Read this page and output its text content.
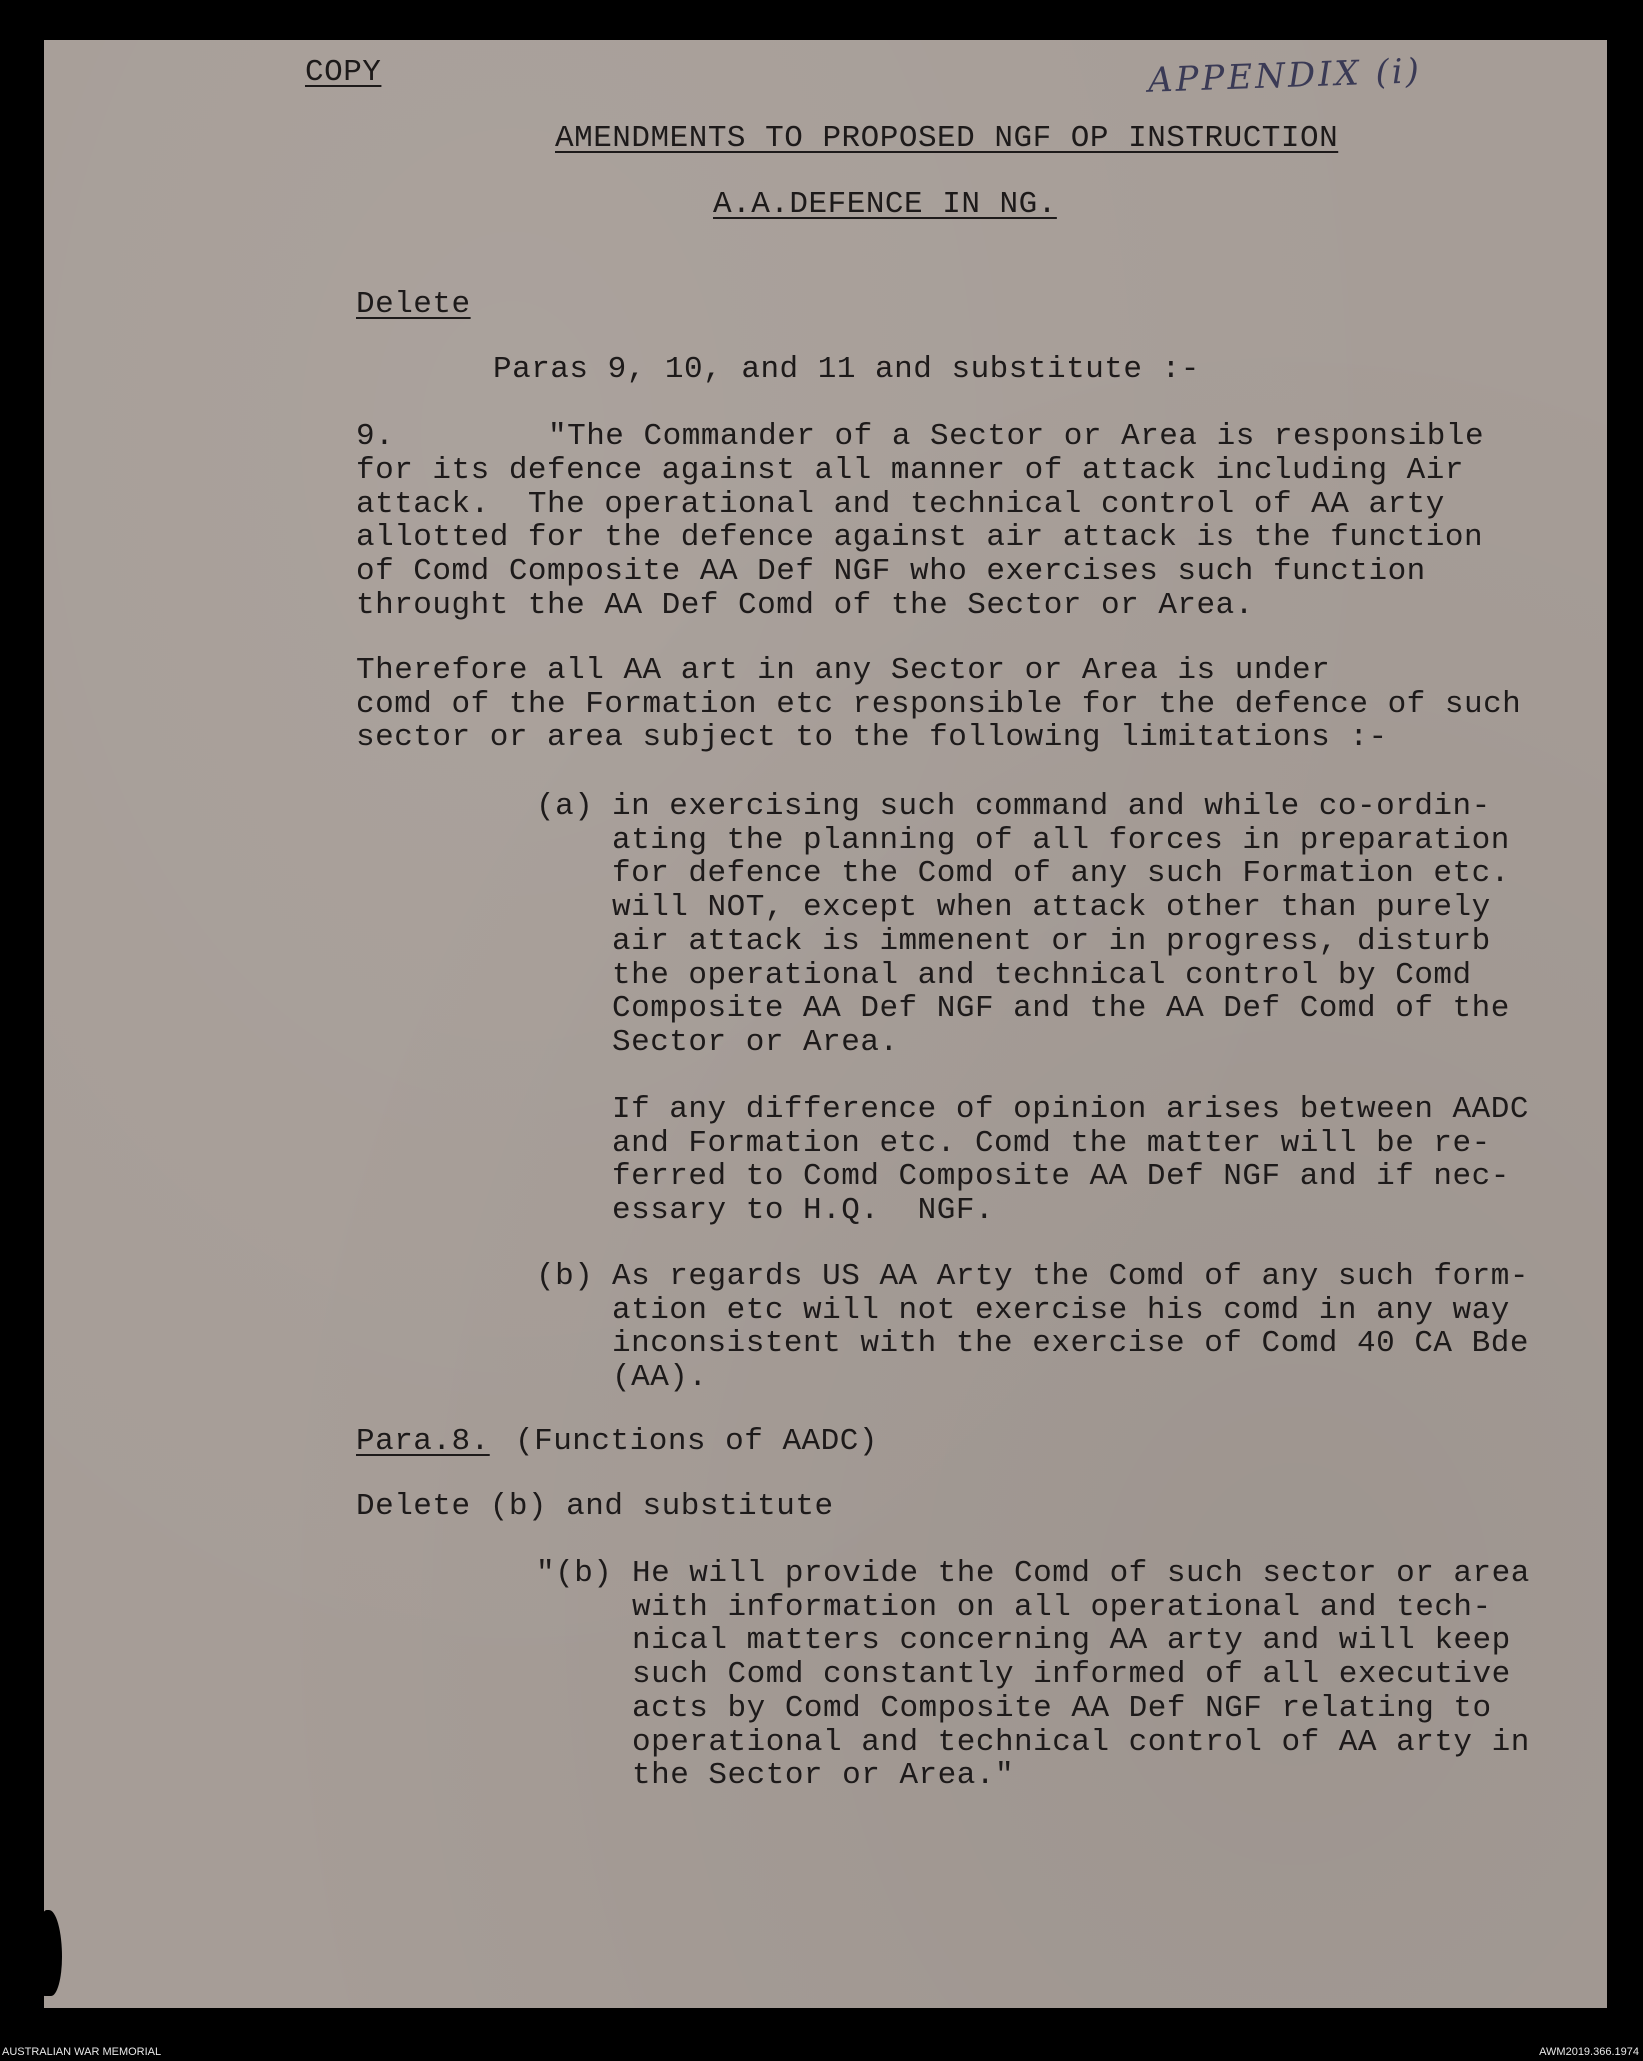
COPY	APPENDIX (i)

AMENDMENTS TO PROPOSED NGF OP INSTRUCTION

A.A.DEFENCE IN NG.

Delete

Paras 9, 10, and 11 and substitute :-

9.	"The Commander of a Sector or Area is responsible

for its defence against all manner of attack including Air
attack.  The operational and technical control of AA arty
allotted for the defence against air attack is the function
of Comd Composite AA Def NGF who exercises such function
throught the AA Def Comd of the Sector or Area.

Therefore all AA art in any Sector or Area is under
comd of the Formation etc responsible for the defence of such
sector or area subject to the following limitations :-

(a) in exercising such command and while co-ordin-
ating the planning of all forces in preparation
for defence the Comd of any such Formation etc.
will NOT, except when attack other than purely
air attack is immenent or in progress, disturb
the operational and technical control by Comd
Composite AA Def NGF and the AA Def Comd of the
Sector or Area.

If any difference of opinion arises between AADC
and Formation etc. Comd the matter will be re-
ferred to Comd Composite AA Def NGF and if nec-
essary to H.Q.  NGF.

(b) As regards US AA Arty the Comd of any such form-
ation etc will not exercise his comd in any way
inconsistent with the exercise of Comd 40 CA Bde
(AA).

Para.8. (Functions of AADC)

Delete (b) and substitute

"(b) He will provide the Comd of such sector or area
with information on all operational and tech-
nical matters concerning AA arty and will keep
such Comd constantly informed of all executive
acts by Comd Composite AA Def NGF relating to
operational and technical control of AA arty in
the Sector or Area."

AUSTRALIAN WAR MEMORIAL	AWM2019.366.1974
